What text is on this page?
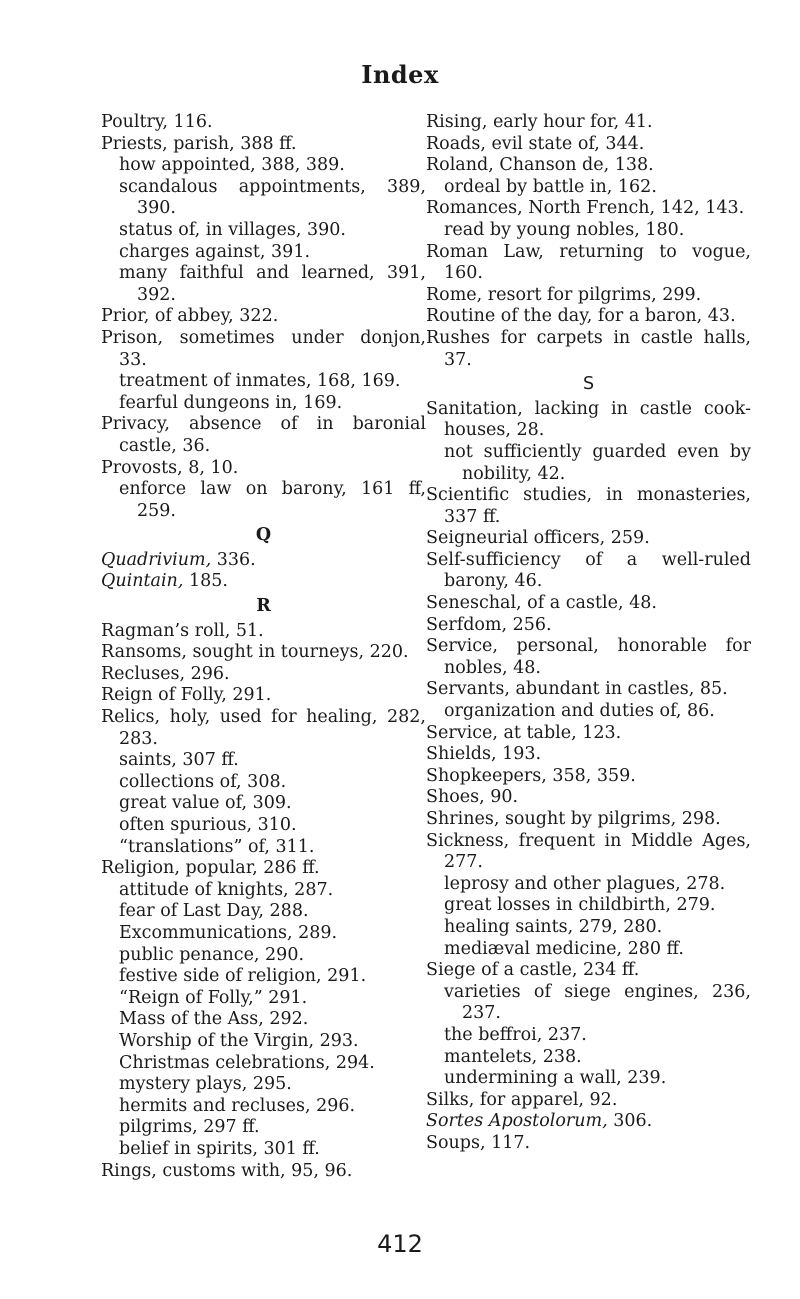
Index

Poultry, 116.

Priests, parish, 388 ff.

how appointed, 388, 389.

scandalous appointments, 389, 390.

status of, in villages, 390.

charges against, 391.

many faithful and learned, 391, 392.

Prior, of abbey, 322.

Prison, sometimes under donjon, 33.

treatment of inmates, 168, 169.

fearful dungeons in, 169.

Privacy, absence of in baronial castle, 36.

Provosts, 8, 10.

enforce law on barony, 161 ff, 259.

Q

Quadrivium, 336.

Quintain, 185.

R

Ragman’s roll, 51.

Ransoms, sought in tourneys, 220.

Recluses, 296.

Reign of Folly, 291.

Relics, holy, used for healing, 282, 283.

saints, 307 ff.

collections of, 308.

great value of, 309.

often spurious, 310.

“translations” of, 311.

Religion, popular, 286 ff.

attitude of knights, 287.

fear of Last Day, 288.

Excommunications, 289.

public penance, 290.

festive side of religion, 291.

“Reign of Folly,” 291.

Mass of the Ass, 292.

Worship of the Virgin, 293.

Christmas celebrations, 294.

mystery plays, 295.

hermits and recluses, 296.

pilgrims, 297 ff.

belief in spirits, 301 ff.

Rings, customs with, 95, 96.

Rising, early hour for, 41.

Roads, evil state of, 344.

Roland, Chanson de, 138.

ordeal by battle in, 162.

Romances, North French, 142, 143.

read by young nobles, 180.

Roman Law, returning to vogue, 160.

Rome, resort for pilgrims, 299.

Routine of the day, for a baron, 43.

Rushes for carpets in castle halls, 37.

S

Sanitation, lacking in castle cook-houses, 28.

not sufficiently guarded even by nobility, 42.

Scientific studies, in monasteries, 337 ff.

Seigneurial officers, 259.

Self-sufficiency of a well-ruled barony, 46.

Seneschal, of a castle, 48.

Serfdom, 256.

Service, personal, honorable for nobles, 48.

Servants, abundant in castles, 85.

organization and duties of, 86.

Service, at table, 123.

Shields, 193.

Shopkeepers, 358, 359.

Shoes, 90.

Shrines, sought by pilgrims, 298.

Sickness, frequent in Middle Ages, 277.

leprosy and other plagues, 278.

great losses in childbirth, 279.

healing saints, 279, 280.

mediæval medicine, 280 ff.

Siege of a castle, 234 ff.

varieties of siege engines, 236, 237.

the beffroi, 237.

mantelets, 238.

undermining a wall, 239.

Silks, for apparel, 92.

Sortes Apostolorum, 306.

Soups, 117.

412
